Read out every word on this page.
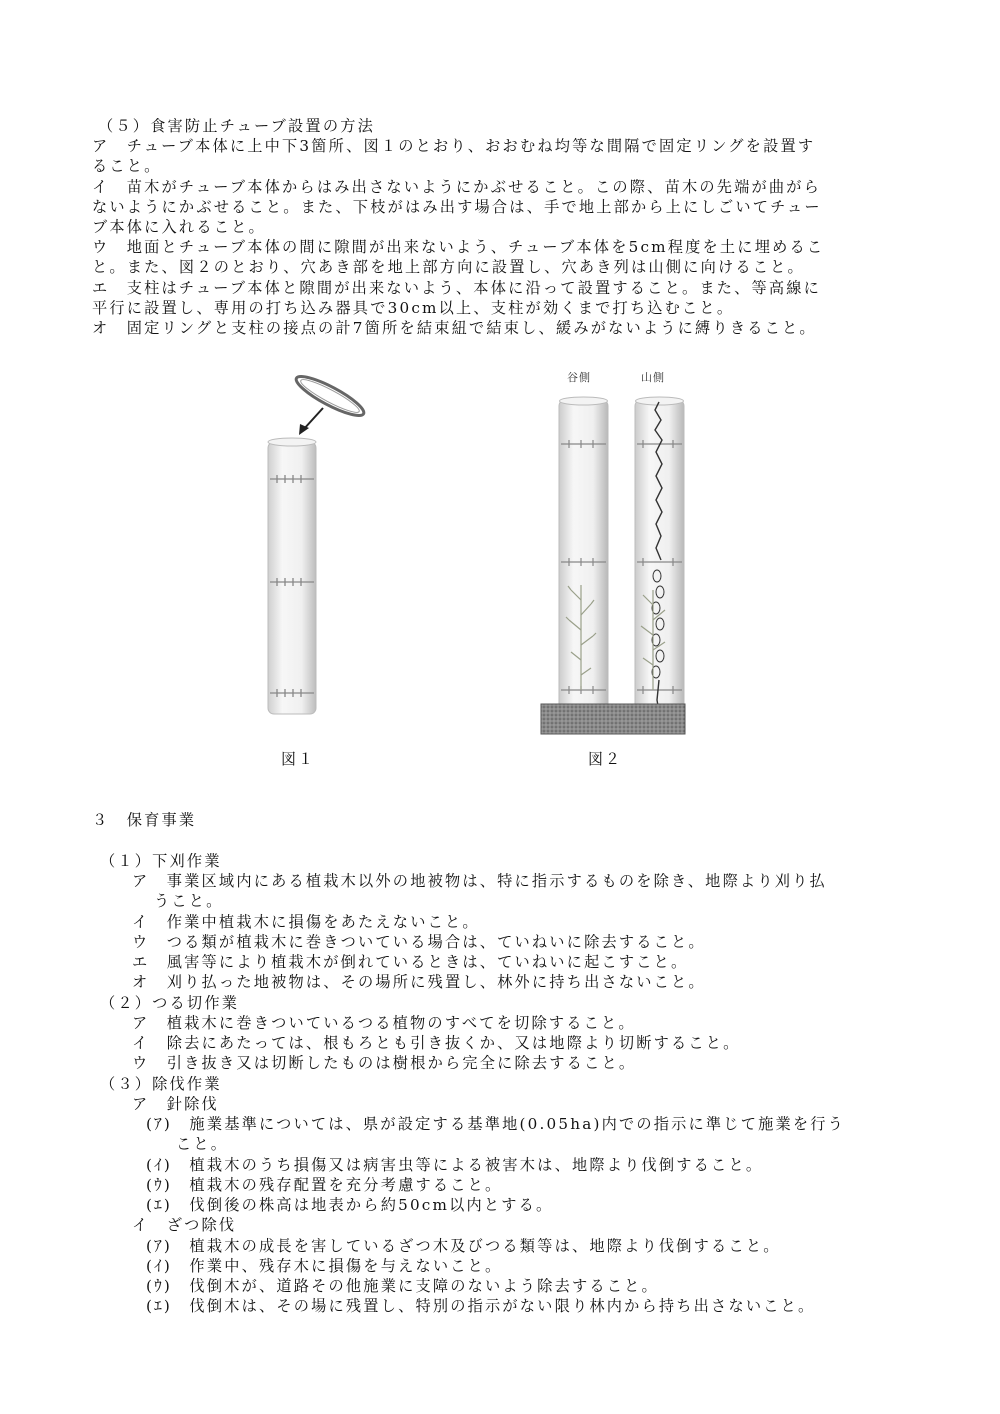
（５）食害防止チューブ設置の方法
ア　チューブ本体に上中下3箇所、図１のとおり、おおむね均等な間隔で固定リングを設置す
ること。
イ　苗木がチューブ本体からはみ出さないようにかぶせること。この際、苗木の先端が曲がら
ないようにかぶせること。また、下枝がはみ出す場合は、手で地上部から上にしごいてチュー
ブ本体に入れること。
ウ　地面とチューブ本体の間に隙間が出来ないよう、チューブ本体を5cm程度を土に埋めるこ
と。また、図２のとおり、穴あき部を地上部方向に設置し、穴あき列は山側に向けること。
エ　支柱はチューブ本体と隙間が出来ないよう、本体に沿って設置すること。また、等高線に
平行に設置し、専用の打ち込み器具で30cm以上、支柱が効くまで打ち込むこと。
オ　固定リングと支柱の接点の計7箇所を結束紐で結束し、緩みがないように縛りきること。
図１
谷側	山側
図２
３　保育事業
（１）下刈作業
ア　事業区域内にある植栽木以外の地被物は、特に指示するものを除き、地際より刈り払
うこと。
イ　作業中植栽木に損傷をあたえないこと。
ウ　つる類が植栽木に巻きついている場合は、ていねいに除去すること。
エ　風害等により植栽木が倒れているときは、ていねいに起こすこと。
オ　刈り払った地被物は、その場所に残置し、林外に持ち出さないこと。
（２）つる切作業
ア　植栽木に巻きついているつる植物のすべてを切除すること。
イ　除去にあたっては、根もろとも引き抜くか、又は地際より切断すること。
ウ　引き抜き又は切断したものは樹根から完全に除去すること。
（３）除伐作業
ア　針除伐
(ｱ)　施業基準については、県が設定する基準地(0.05ha)内での指示に準じて施業を行う
こと。
(ｲ)　植栽木のうち損傷又は病害虫等による被害木は、地際より伐倒すること。
(ｳ)　植栽木の残存配置を充分考慮すること。
(ｴ)　伐倒後の株高は地表から約50cm以内とする。
イ　ざつ除伐
(ｱ)　植栽木の成長を害しているざつ木及びつる類等は、地際より伐倒すること。
(ｲ)　作業中、残存木に損傷を与えないこと。
(ｳ)　伐倒木が、道路その他施業に支障のないよう除去すること。
(ｴ)　伐倒木は、その場に残置し、特別の指示がない限り林内から持ち出さないこと。
